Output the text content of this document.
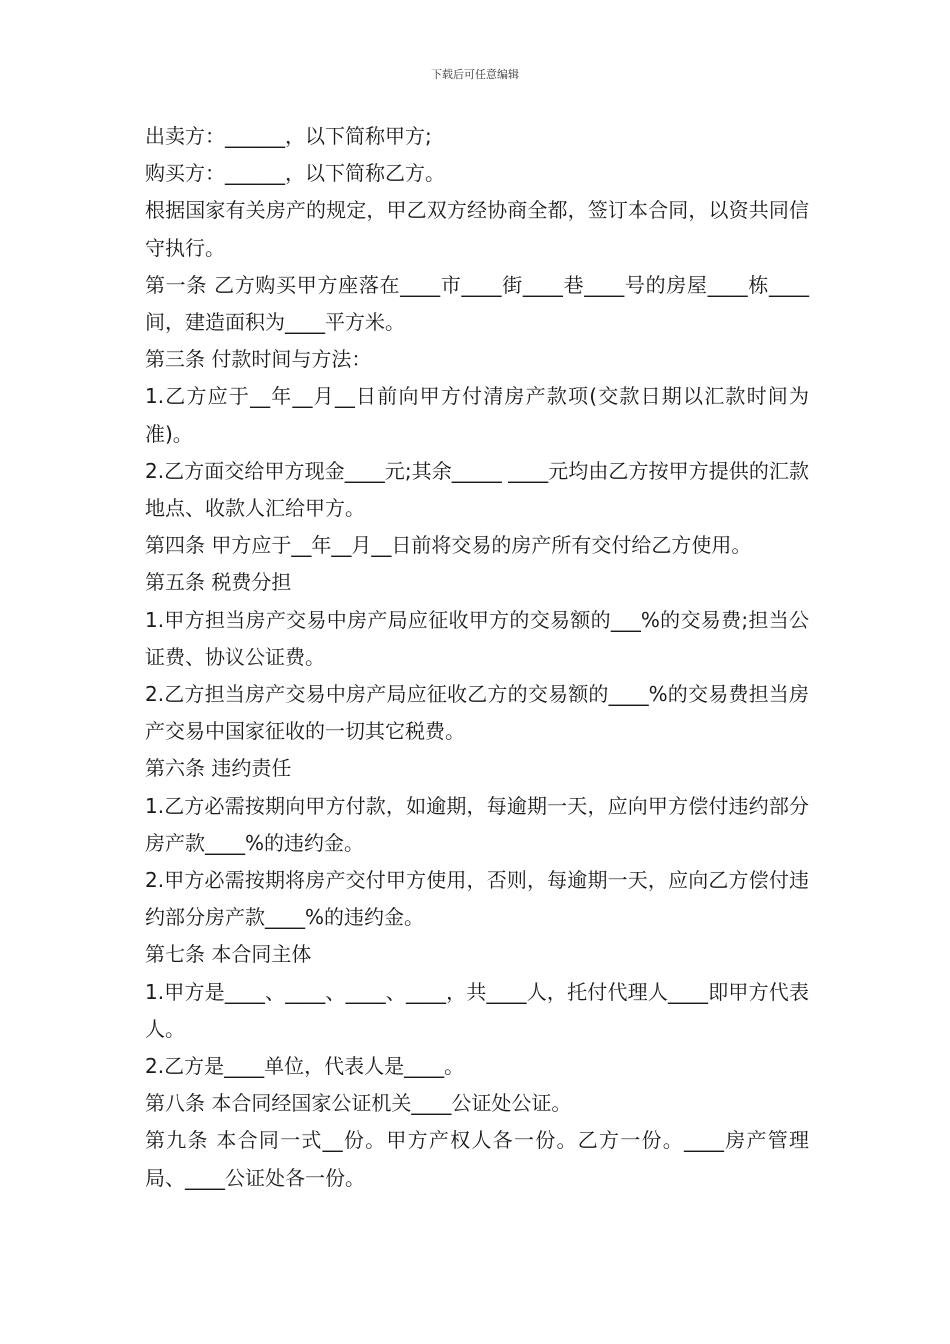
下载后可任意编辑

出卖方：______，以下简称甲方;

购买方：______，以下简称乙方。

根据国家有关房产的规定，甲乙双方经协商全都，签订本合同，以资共同信守执行。

第一条 乙方购买甲方座落在____市____街____巷____号的房屋____栋____间，建造面积为____平方米。

第三条 付款时间与方法：

1.乙方应于__年__月__日前向甲方付清房产款项(交款日期以汇款时间为准)。

2.乙方面交给甲方现金____元;其余_____ ____元均由乙方按甲方提供的汇款地点、收款人汇给甲方。

第四条 甲方应于__年__月__日前将交易的房产所有交付给乙方使用。

第五条 税费分担

1.甲方担当房产交易中房产局应征收甲方的交易额的___%的交易费;担当公证费、协议公证费。

2.乙方担当房产交易中房产局应征收乙方的交易额的____%的交易费担当房产交易中国家征收的一切其它税费。

第六条 违约责任

1.乙方必需按期向甲方付款，如逾期，每逾期一天，应向甲方偿付违约部分房产款____%的违约金。

2.甲方必需按期将房产交付甲方使用，否则，每逾期一天，应向乙方偿付违约部分房产款____%的违约金。

第七条 本合同主体

1.甲方是____、____、____、____，共____人，托付代理人____即甲方代表人。

2.乙方是____单位，代表人是____。

第八条 本合同经国家公证机关____公证处公证。

第九条 本合同一式__份。甲方产权人各一份。乙方一份。____房产管理局、____公证处各一份。
